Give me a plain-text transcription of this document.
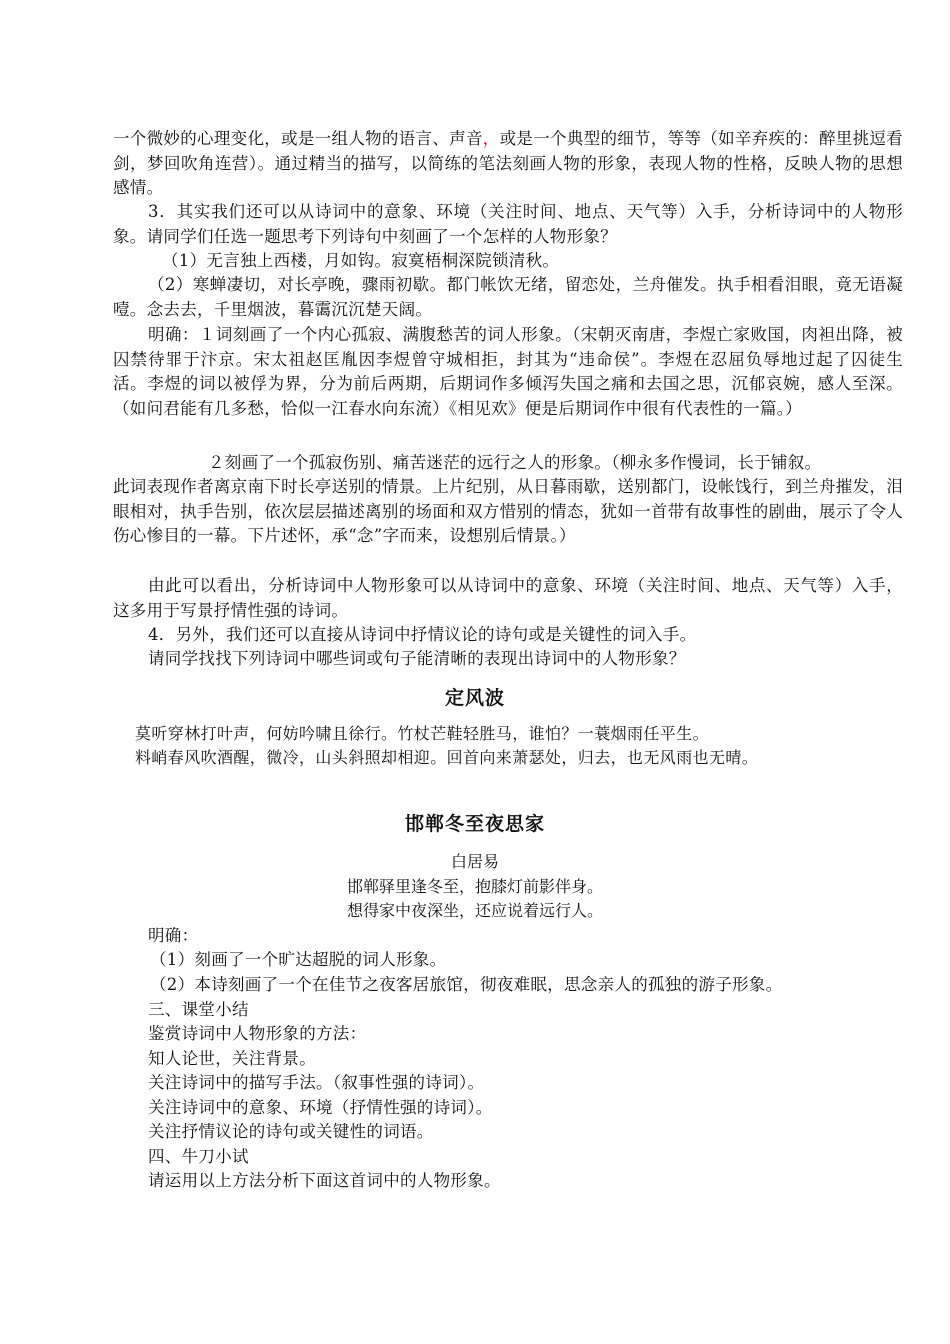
一个微妙的心理变化，或是一组人物的语言、声音，或是一个典型的细节，等等（如辛弃疾的：醉里挑逗看剑，梦回吹角连营）。通过精当的描写，以简练的笔法刻画人物的形象，表现人物的性格，反映人物的思想感情。
3．其实我们还可以从诗词中的意象、环境（关注时间、地点、天气等）入手，分析诗词中的人物形象。请同学们任选一题思考下列诗句中刻画了一个怎样的人物形象？
（1）无言独上西楼，月如钩。寂寞梧桐深院锁清秋。
（2）寒蝉凄切，对长亭晚，骤雨初歇。都门帐饮无绪，留恋处，兰舟催发。执手相看泪眼，竟无语凝噎。念去去，千里烟波，暮霭沉沉楚天阔。
明确：１词刻画了一个内心孤寂、满腹愁苦的词人形象。（宋朝灭南唐，李煜亡家败国，肉袒出降，被囚禁待罪于汴京。宋太祖赵匡胤因李煜曾守城相拒，封其为“违命侯”。李煜在忍屈负辱地过起了囚徒生活。李煜的词以被俘为界，分为前后两期，后期词作多倾泻失国之痛和去国之思，沉郁哀婉，感人至深。（如问君能有几多愁，恰似一江春水向东流）《相见欢》便是后期词作中很有代表性的一篇。）
２刻画了一个孤寂伤别、痛苦迷茫的远行之人的形象。（柳永多作慢词，长于铺叙。
此词表现作者离京南下时长亭送别的情景。上片纪别，从日暮雨歇，送别都门，设帐饯行，到兰舟摧发，泪眼相对，执手告别，依次层层描述离别的场面和双方惜别的情态，犹如一首带有故事性的剧曲，展示了令人伤心惨目的一幕。下片述怀，承“念”字而来，设想别后情景。）
由此可以看出，分析诗词中人物形象可以从诗词中的意象、环境（关注时间、地点、天气等）入手，这多用于写景抒情性强的诗词。
4．另外，我们还可以直接从诗词中抒情议论的诗句或是关键性的词入手。
请同学找找下列诗词中哪些词或句子能清晰的表现出诗词中的人物形象？
定风波
莫听穿林打叶声，何妨吟啸且徐行。竹杖芒鞋轻胜马，谁怕？一蓑烟雨任平生。
料峭春风吹酒醒，微冷，山头斜照却相迎。回首向来萧瑟处，归去，也无风雨也无晴。
邯郸冬至夜思家
白居易
邯郸驿里逢冬至，抱膝灯前影伴身。
想得家中夜深坐，还应说着远行人。
明确：
（1）刻画了一个旷达超脱的词人形象。
（2）本诗刻画了一个在佳节之夜客居旅馆，彻夜难眠，思念亲人的孤独的游子形象。
三、课堂小结
鉴赏诗词中人物形象的方法：
知人论世，关注背景。
关注诗词中的描写手法。（叙事性强的诗词）。
关注诗词中的意象、环境（抒情性强的诗词）。
关注抒情议论的诗句或关键性的词语。
四、牛刀小试
请运用以上方法分析下面这首词中的人物形象。
